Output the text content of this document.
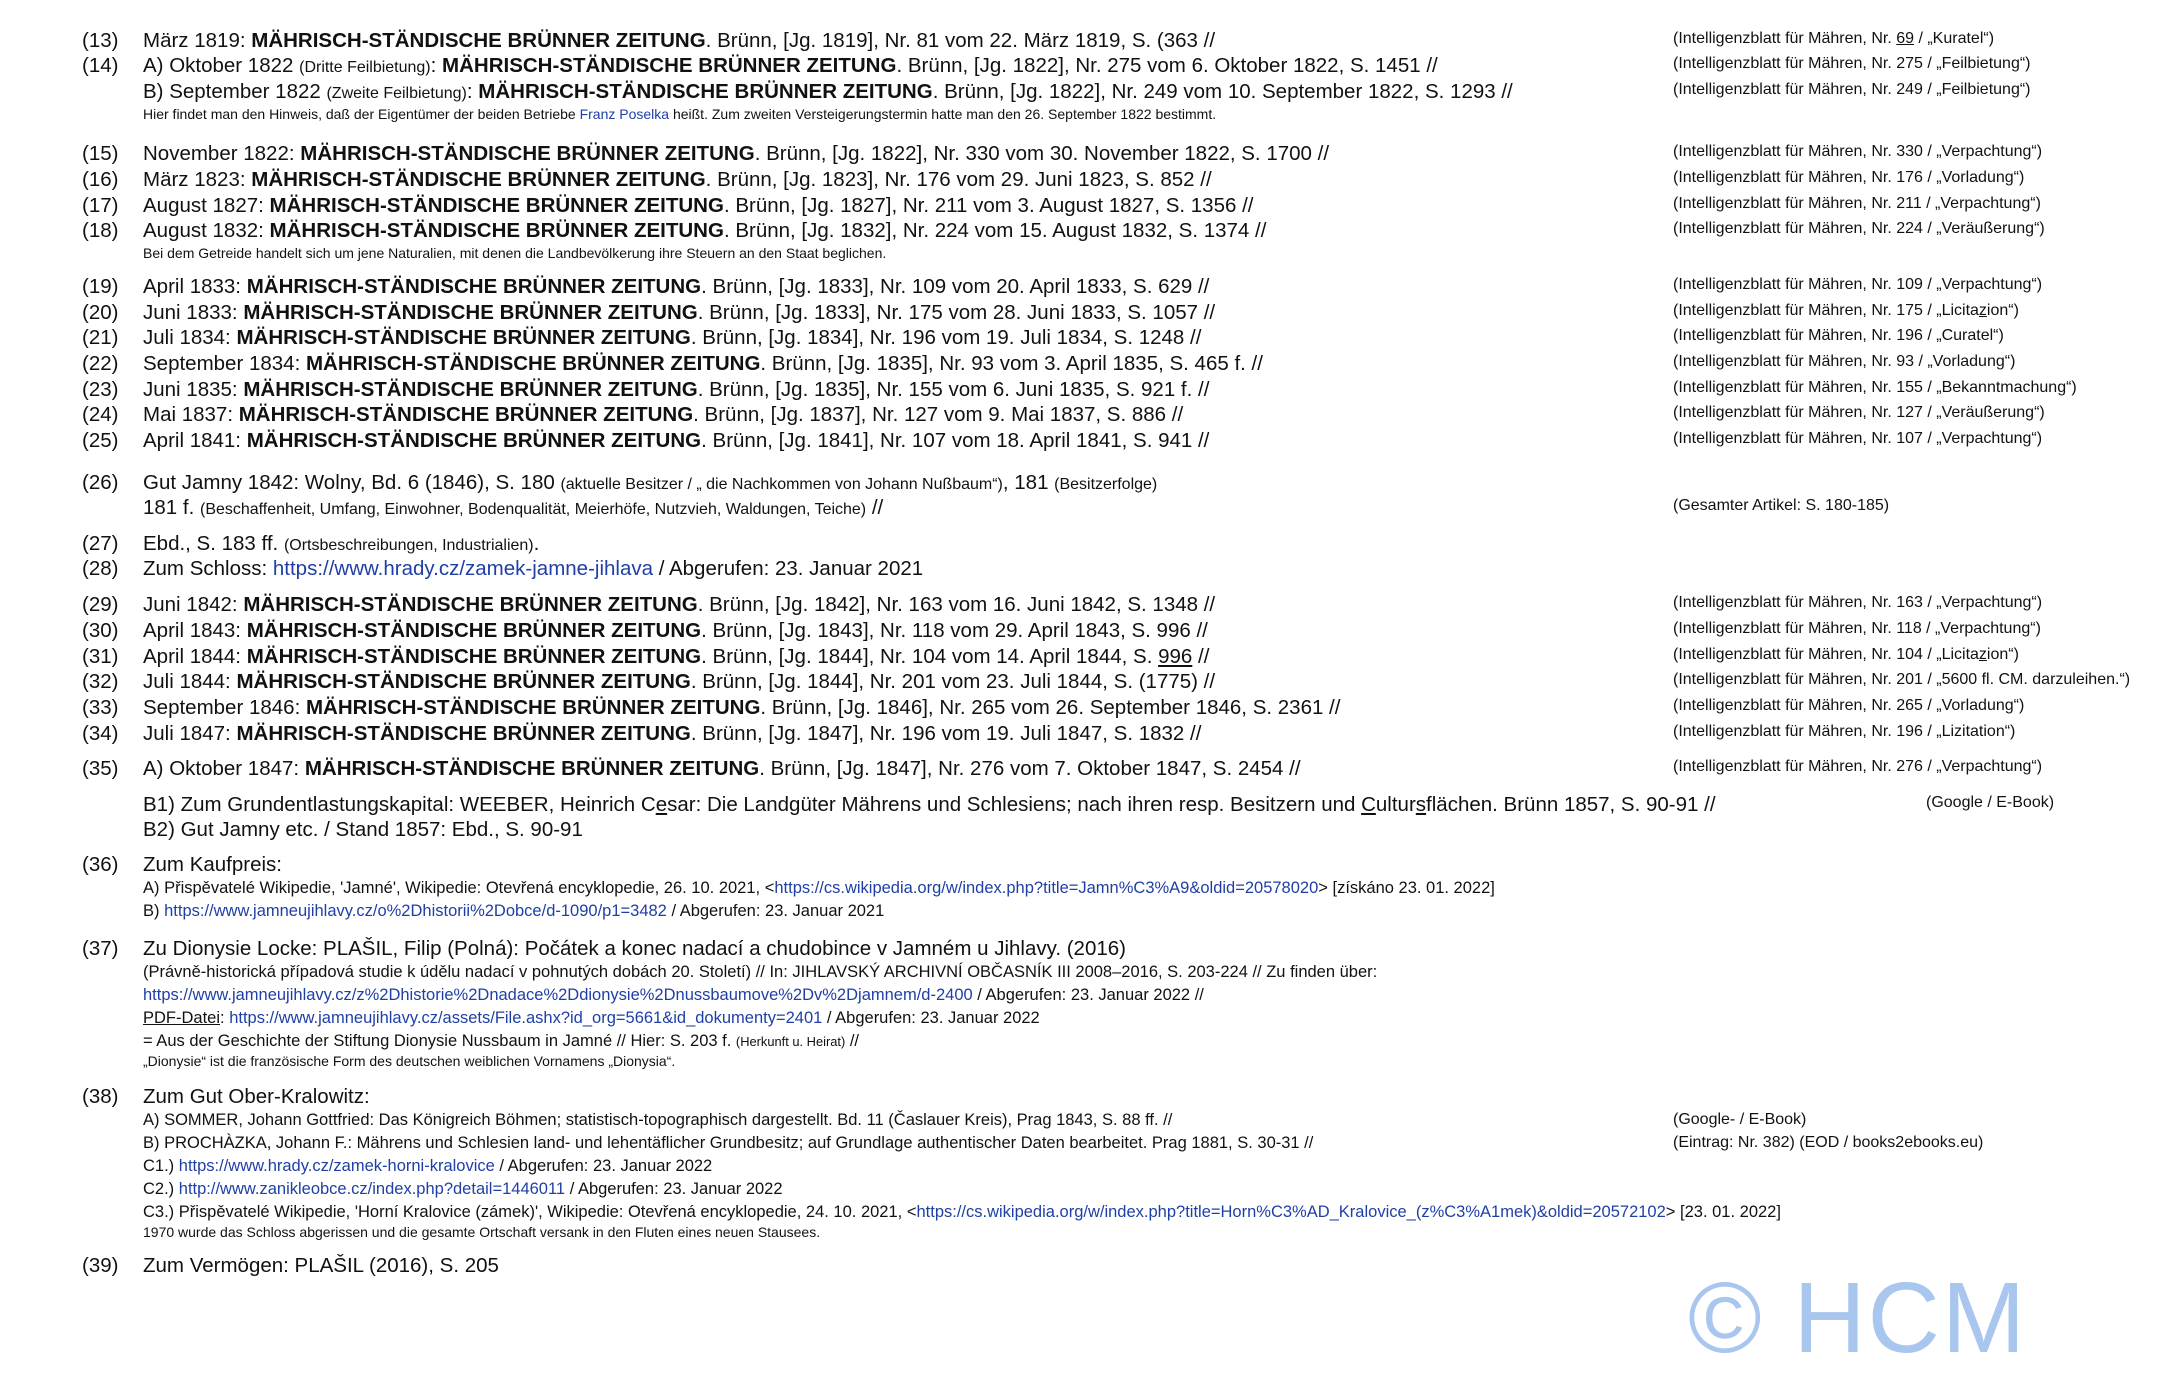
(13) März 1819: MÄHRISCH-STÄNDISCHE BRÜNNER ZEITUNG. Brünn, [Jg. 1819], Nr. 81 vom 22. März 1819, S. (363 //	(Intelligenzblatt für Mähren, Nr. 69 / „Kuratel“)
(14) A) Oktober 1822 (Dritte Feilbietung): MÄHRISCH-STÄNDISCHE BRÜNNER ZEITUNG. Brünn, [Jg. 1822], Nr. 275 vom 6. Oktober 1822, S. 1451 //	(Intelligenzblatt für Mähren, Nr. 275 / „Feilbietung“)
B) September 1822 (Zweite Feilbietung): MÄHRISCH-STÄNDISCHE BRÜNNER ZEITUNG. Brünn, [Jg. 1822], Nr. 249 vom 10. September 1822, S. 1293 //	(Intelligenzblatt für Mähren, Nr. 249 / „Feilbietung“)
Hier findet man den Hinweis, daß der Eigentümer der beiden Betriebe Franz Poselka heißt. Zum zweiten Versteigerungstermin hatte man den 26. September 1822 bestimmt.
(15) November 1822: MÄHRISCH-STÄNDISCHE BRÜNNER ZEITUNG. Brünn, [Jg. 1822], Nr. 330 vom 30. November 1822, S. 1700 //	(Intelligenzblatt für Mähren, Nr. 330 / „Verpachtung“)
(16) März 1823: MÄHRISCH-STÄNDISCHE BRÜNNER ZEITUNG. Brünn, [Jg. 1823], Nr. 176 vom 29. Juni 1823, S. 852 //	(Intelligenzblatt für Mähren, Nr. 176 / „Vorladung“)
(17) August 1827: MÄHRISCH-STÄNDISCHE BRÜNNER ZEITUNG. Brünn, [Jg. 1827], Nr. 211 vom 3. August 1827, S. 1356 //	(Intelligenzblatt für Mähren, Nr. 211 / „Verpachtung“)
(18) August 1832: MÄHRISCH-STÄNDISCHE BRÜNNER ZEITUNG. Brünn, [Jg. 1832], Nr. 224 vom 15. August 1832, S. 1374 //	(Intelligenzblatt für Mähren, Nr. 224 / „Veräußerung“)
Bei dem Getreide handelt sich um jene Naturalien, mit denen die Landbevölkerung ihre Steuern an den Staat beglichen.
(19) April 1833: MÄHRISCH-STÄNDISCHE BRÜNNER ZEITUNG. Brünn, [Jg. 1833], Nr. 109 vom 20. April 1833, S. 629 //	(Intelligenzblatt für Mähren, Nr. 109 / „Verpachtung“)
(20) Juni 1833: MÄHRISCH-STÄNDISCHE BRÜNNER ZEITUNG. Brünn, [Jg. 1833], Nr. 175 vom 28. Juni 1833, S. 1057 //	(Intelligenzblatt für Mähren, Nr. 175 / „Licitazion“)
(21) Juli 1834: MÄHRISCH-STÄNDISCHE BRÜNNER ZEITUNG. Brünn, [Jg. 1834], Nr. 196 vom 19. Juli 1834, S. 1248 //	(Intelligenzblatt für Mähren, Nr. 196 / „Curatel“)
(22) September 1834: MÄHRISCH-STÄNDISCHE BRÜNNER ZEITUNG. Brünn, [Jg. 1835], Nr. 93 vom 3. April 1835, S. 465 f. //	(Intelligenzblatt für Mähren, Nr. 93 / „Vorladung“)
(23) Juni 1835: MÄHRISCH-STÄNDISCHE BRÜNNER ZEITUNG. Brünn, [Jg. 1835], Nr. 155 vom 6. Juni 1835, S. 921 f. //	(Intelligenzblatt für Mähren, Nr. 155 / „Bekanntmachung“)
(24) Mai 1837: MÄHRISCH-STÄNDISCHE BRÜNNER ZEITUNG. Brünn, [Jg. 1837], Nr. 127 vom 9. Mai 1837, S. 886 //	(Intelligenzblatt für Mähren, Nr. 127 / „Veräußerung“)
(25) April 1841: MÄHRISCH-STÄNDISCHE BRÜNNER ZEITUNG. Brünn, [Jg. 1841], Nr. 107 vom 18. April 1841, S. 941 //	(Intelligenzblatt für Mähren, Nr. 107 / „Verpachtung“)
(26) Gut Jamny 1842: Wolny, Bd. 6 (1846), S. 180 (aktuelle Besitzer / „ die Nachkommen von Johann Nußbaum“), 181 (Besitzerfolge)
181 f. (Beschaffenheit, Umfang, Einwohner, Bodenqualität, Meierhöfe, Nutzvieh, Waldungen, Teiche) //	(Gesamter Artikel: S. 180-185)
(27) Ebd., S. 183 ff. (Ortsbeschreibungen, Industrialien).
(28) Zum Schloss: https://www.hrady.cz/zamek-jamne-jihlava / Abgerufen: 23. Januar 2021
(29) Juni 1842: MÄHRISCH-STÄNDISCHE BRÜNNER ZEITUNG. Brünn, [Jg. 1842], Nr. 163 vom 16. Juni 1842, S. 1348 //	(Intelligenzblatt für Mähren, Nr. 163 / „Verpachtung“)
(30) April 1843: MÄHRISCH-STÄNDISCHE BRÜNNER ZEITUNG. Brünn, [Jg. 1843], Nr. 118 vom 29. April 1843, S. 996 //	(Intelligenzblatt für Mähren, Nr. 118 / „Verpachtung“)
(31) April 1844: MÄHRISCH-STÄNDISCHE BRÜNNER ZEITUNG. Brünn, [Jg. 1844], Nr. 104 vom 14. April 1844, S. 996 //	(Intelligenzblatt für Mähren, Nr. 104 / „Licitazion“)
(32) Juli 1844: MÄHRISCH-STÄNDISCHE BRÜNNER ZEITUNG. Brünn, [Jg. 1844], Nr. 201 vom 23. Juli 1844, S. (1775) //	(Intelligenzblatt für Mähren, Nr. 201 / „5600 fl. CM. darzuleihen.“)
(33) September 1846: MÄHRISCH-STÄNDISCHE BRÜNNER ZEITUNG. Brünn, [Jg. 1846], Nr. 265 vom 26. September 1846, S. 2361 //	(Intelligenzblatt für Mähren, Nr. 265 / „Vorladung“)
(34) Juli 1847: MÄHRISCH-STÄNDISCHE BRÜNNER ZEITUNG. Brünn, [Jg. 1847], Nr. 196 vom 19. Juli 1847, S. 1832 //	(Intelligenzblatt für Mähren, Nr. 196 / „Lizitation“)
(35) A) Oktober 1847: MÄHRISCH-STÄNDISCHE BRÜNNER ZEITUNG. Brünn, [Jg. 1847], Nr. 276 vom 7. Oktober 1847, S. 2454 //	(Intelligenzblatt für Mähren, Nr. 276 / „Verpachtung“)
B1) Zum Grundentlastungskapital: WEEBER, Heinrich Cesar: Die Landgüter Mährens und Schlesiens; nach ihren resp. Besitzern und Cultursflächen. Brünn 1857, S. 90-91 //	(Google / E-Book)
B2) Gut Jamny etc. / Stand 1857: Ebd., S. 90-91
(36) Zum Kaufpreis:
A) Přispěvatelé Wikipedie, 'Jamné', Wikipedie: Otevřená encyklopedie, 26. 10. 2021, <https://cs.wikipedia.org/w/index.php?title=Jamn%C3%A9&oldid=20578020> [získáno 23. 01. 2022]
B) https://www.jamneujihlavy.cz/o%2Dhistorii%2Dobce/d-1090/p1=3482 / Abgerufen: 23. Januar 2021
(37) Zu Dionysie Locke: PLAŠIL, Filip (Polná): Počátek a konec nadací a chudobince v Jamném u Jihlavy. (2016)
(Právně-historická případová studie k údělu nadací v pohnutých dobách 20. Století) // In: JIHLAVSKÝ ARCHIVNÍ OBČASNÍK III 2008–2016, S. 203-224 // Zu finden über:
https://www.jamneujihlavy.cz/z%2Dhistorie%2Dnadace%2Ddionysie%2Dnussbaumove%2Dv%2Djamnem/d-2400 / Abgerufen: 23. Januar 2022 //
PDF-Datei: https://www.jamneujihlavy.cz/assets/File.ashx?id_org=5661&id_dokumenty=2401 / Abgerufen: 23. Januar 2022
= Aus der Geschichte der Stiftung Dionysie Nussbaum in Jamné // Hier: S. 203 f. (Herkunft u. Heirat) //
„Dionysie“ ist die französische Form des deutschen weiblichen Vornamens „Dionysia“.
(38) Zum Gut Ober-Kralowitz:
A) SOMMER, Johann Gottfried: Das Königreich Böhmen; statistisch-topographisch dargestellt. Bd. 11 (Časlauer Kreis), Prag 1843, S. 88 ff. //	(Google- / E-Book)
B) PROCHÀZKA, Johann F.: Mährens und Schlesien land- und lehentäflicher Grundbesitz; auf Grundlage authentischer Daten bearbeitet. Prag 1881, S. 30-31 //	(Eintrag: Nr. 382) (EOD / books2ebooks.eu)
C1.) https://www.hrady.cz/zamek-horni-kralovice / Abgerufen: 23. Januar 2022
C2.) http://www.zanikleobce.cz/index.php?detail=1446011 / Abgerufen: 23. Januar 2022
C3.) Přispěvatelé Wikipedie, 'Horní Kralovice (zámek)', Wikipedie: Otevřená encyklopedie, 24. 10. 2021, <https://cs.wikipedia.org/w/index.php?title=Horn%C3%AD_Kralovice_(z%C3%A1mek)&oldid=20572102> [23. 01. 2022]
1970 wurde das Schloss abgerissen und die gesamte Ortschaft versank in den Fluten eines neuen Stausees.
(39) Zum Vermögen: PLAŠIL (2016), S. 205	© HCM
